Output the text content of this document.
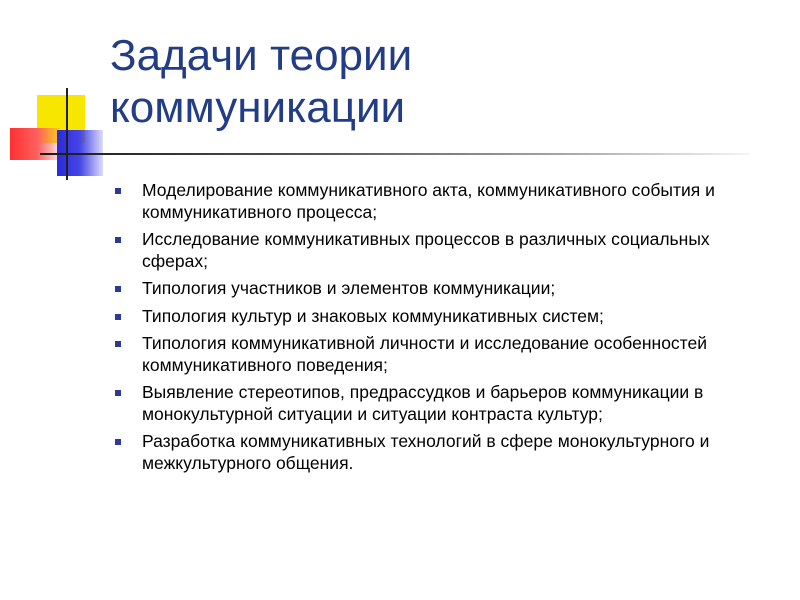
Задачи теории
коммуникации
Моделирование коммуникативного акта, коммуникативного события и коммуникативного процесса;
Исследование коммуникативных процессов в различных социальных сферах;
Типология участников и элементов коммуникации;
Типология культур и знаковых коммуникативных систем;
Типология коммуникативной личности и исследование особенностей коммуникативного поведения;
Выявление стереотипов, предрассудков и барьеров коммуникации в монокультурной ситуации и ситуации контраста культур;
Разработка коммуникативных технологий в сфере монокультурного и межкультурного общения.
